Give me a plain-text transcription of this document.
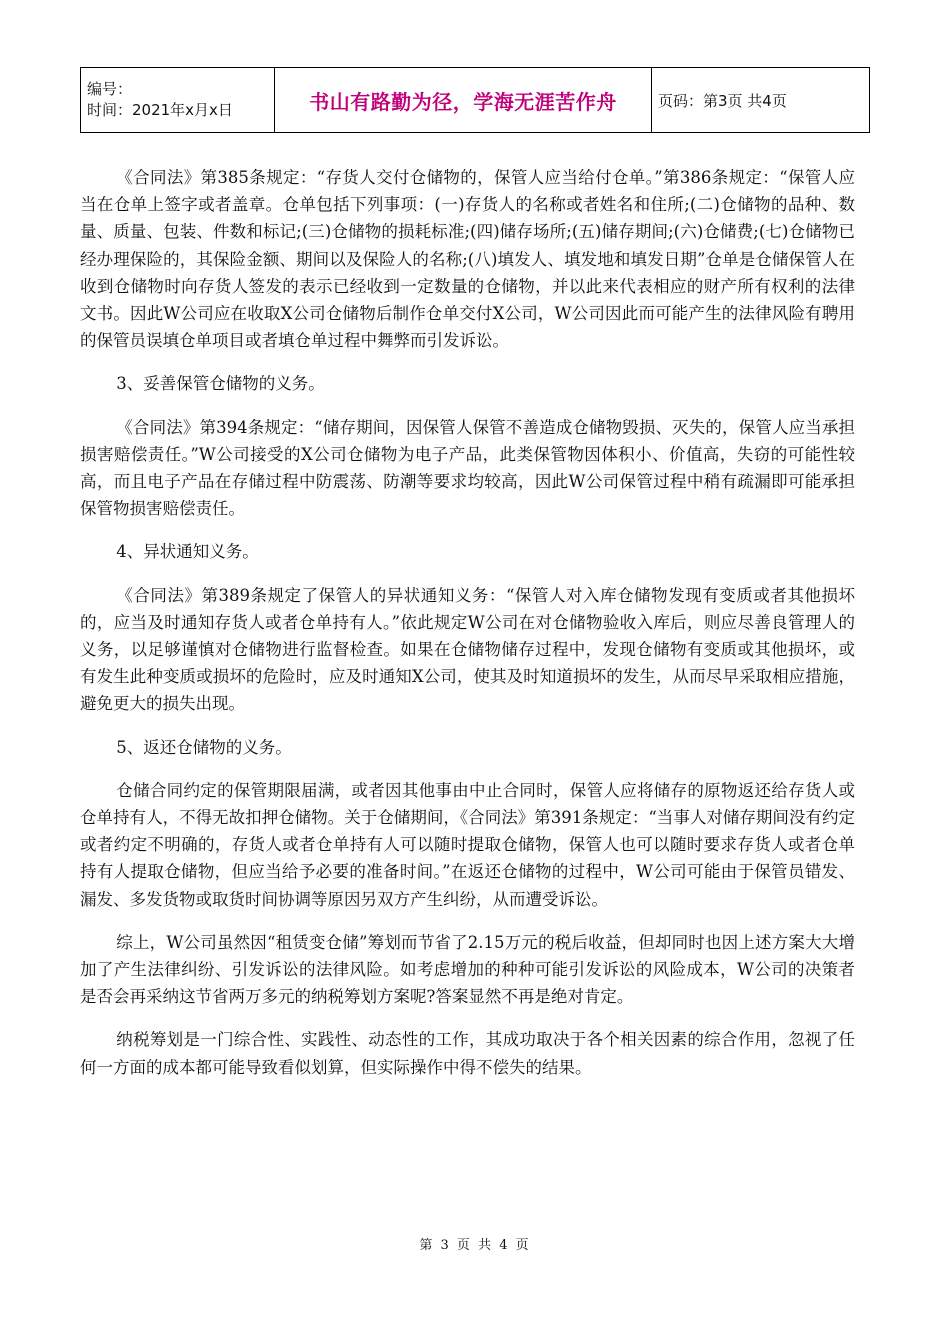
编号：
时间：2021年x月x日	书山有路勤为径，学海无涯苦作舟	页码：第3页 共4页

《合同法》第385条规定：“存货人交付仓储物的，保管人应当给付仓单。”第386条规定：“保管人应当在仓单上签字或者盖章。仓单包括下列事项：(一)存货人的名称或者姓名和住所;(二)仓储物的品种、数量、质量、包装、件数和标记;(三)仓储物的损耗标准;(四)储存场所;(五)储存期间;(六)仓储费;(七)仓储物已经办理保险的，其保险金额、期间以及保险人的名称;(八)填发人、填发地和填发日期”仓单是仓储保管人在收到仓储物时向存货人签发的表示已经收到一定数量的仓储物，并以此来代表相应的财产所有权利的法律文书。因此W公司应在收取X公司仓储物后制作仓单交付X公司，W公司因此而可能产生的法律风险有聘用的保管员误填仓单项目或者填仓单过程中舞弊而引发诉讼。

3、妥善保管仓储物的义务。

《合同法》第394条规定：“储存期间，因保管人保管不善造成仓储物毁损、灭失的，保管人应当承担损害赔偿责任。”W公司接受的X公司仓储物为电子产品，此类保管物因体积小、价值高，失窃的可能性较高，而且电子产品在存储过程中防震荡、防潮等要求均较高，因此W公司保管过程中稍有疏漏即可能承担保管物损害赔偿责任。

4、异状通知义务。

《合同法》第389条规定了保管人的异状通知义务：“保管人对入库仓储物发现有变质或者其他损坏的，应当及时通知存货人或者仓单持有人。”依此规定W公司在对仓储物验收入库后，则应尽善良管理人的义务，以足够谨慎对仓储物进行监督检查。如果在仓储物储存过程中，发现仓储物有变质或其他损坏，或有发生此种变质或损坏的危险时，应及时通知X公司，使其及时知道损坏的发生，从而尽早采取相应措施，避免更大的损失出现。

5、返还仓储物的义务。

仓储合同约定的保管期限届满，或者因其他事由中止合同时，保管人应将储存的原物返还给存货人或仓单持有人，不得无故扣押仓储物。关于仓储期间，《合同法》第391条规定：“当事人对储存期间没有约定或者约定不明确的，存货人或者仓单持有人可以随时提取仓储物，保管人也可以随时要求存货人或者仓单持有人提取仓储物，但应当给予必要的准备时间。”在返还仓储物的过程中，W公司可能由于保管员错发、漏发、多发货物或取货时间协调等原因另双方产生纠纷，从而遭受诉讼。

综上，W公司虽然因“租赁变仓储”筹划而节省了2.15万元的税后收益，但却同时也因上述方案大大增加了产生法律纠纷、引发诉讼的法律风险。如考虑增加的种种可能引发诉讼的风险成本，W公司的决策者是否会再采纳这节省两万多元的纳税筹划方案呢?答案显然不再是绝对肯定。

纳税筹划是一门综合性、实践性、动态性的工作，其成功取决于各个相关因素的综合作用，忽视了任何一方面的成本都可能导致看似划算，但实际操作中得不偿失的结果。

第 3 页 共 4 页
